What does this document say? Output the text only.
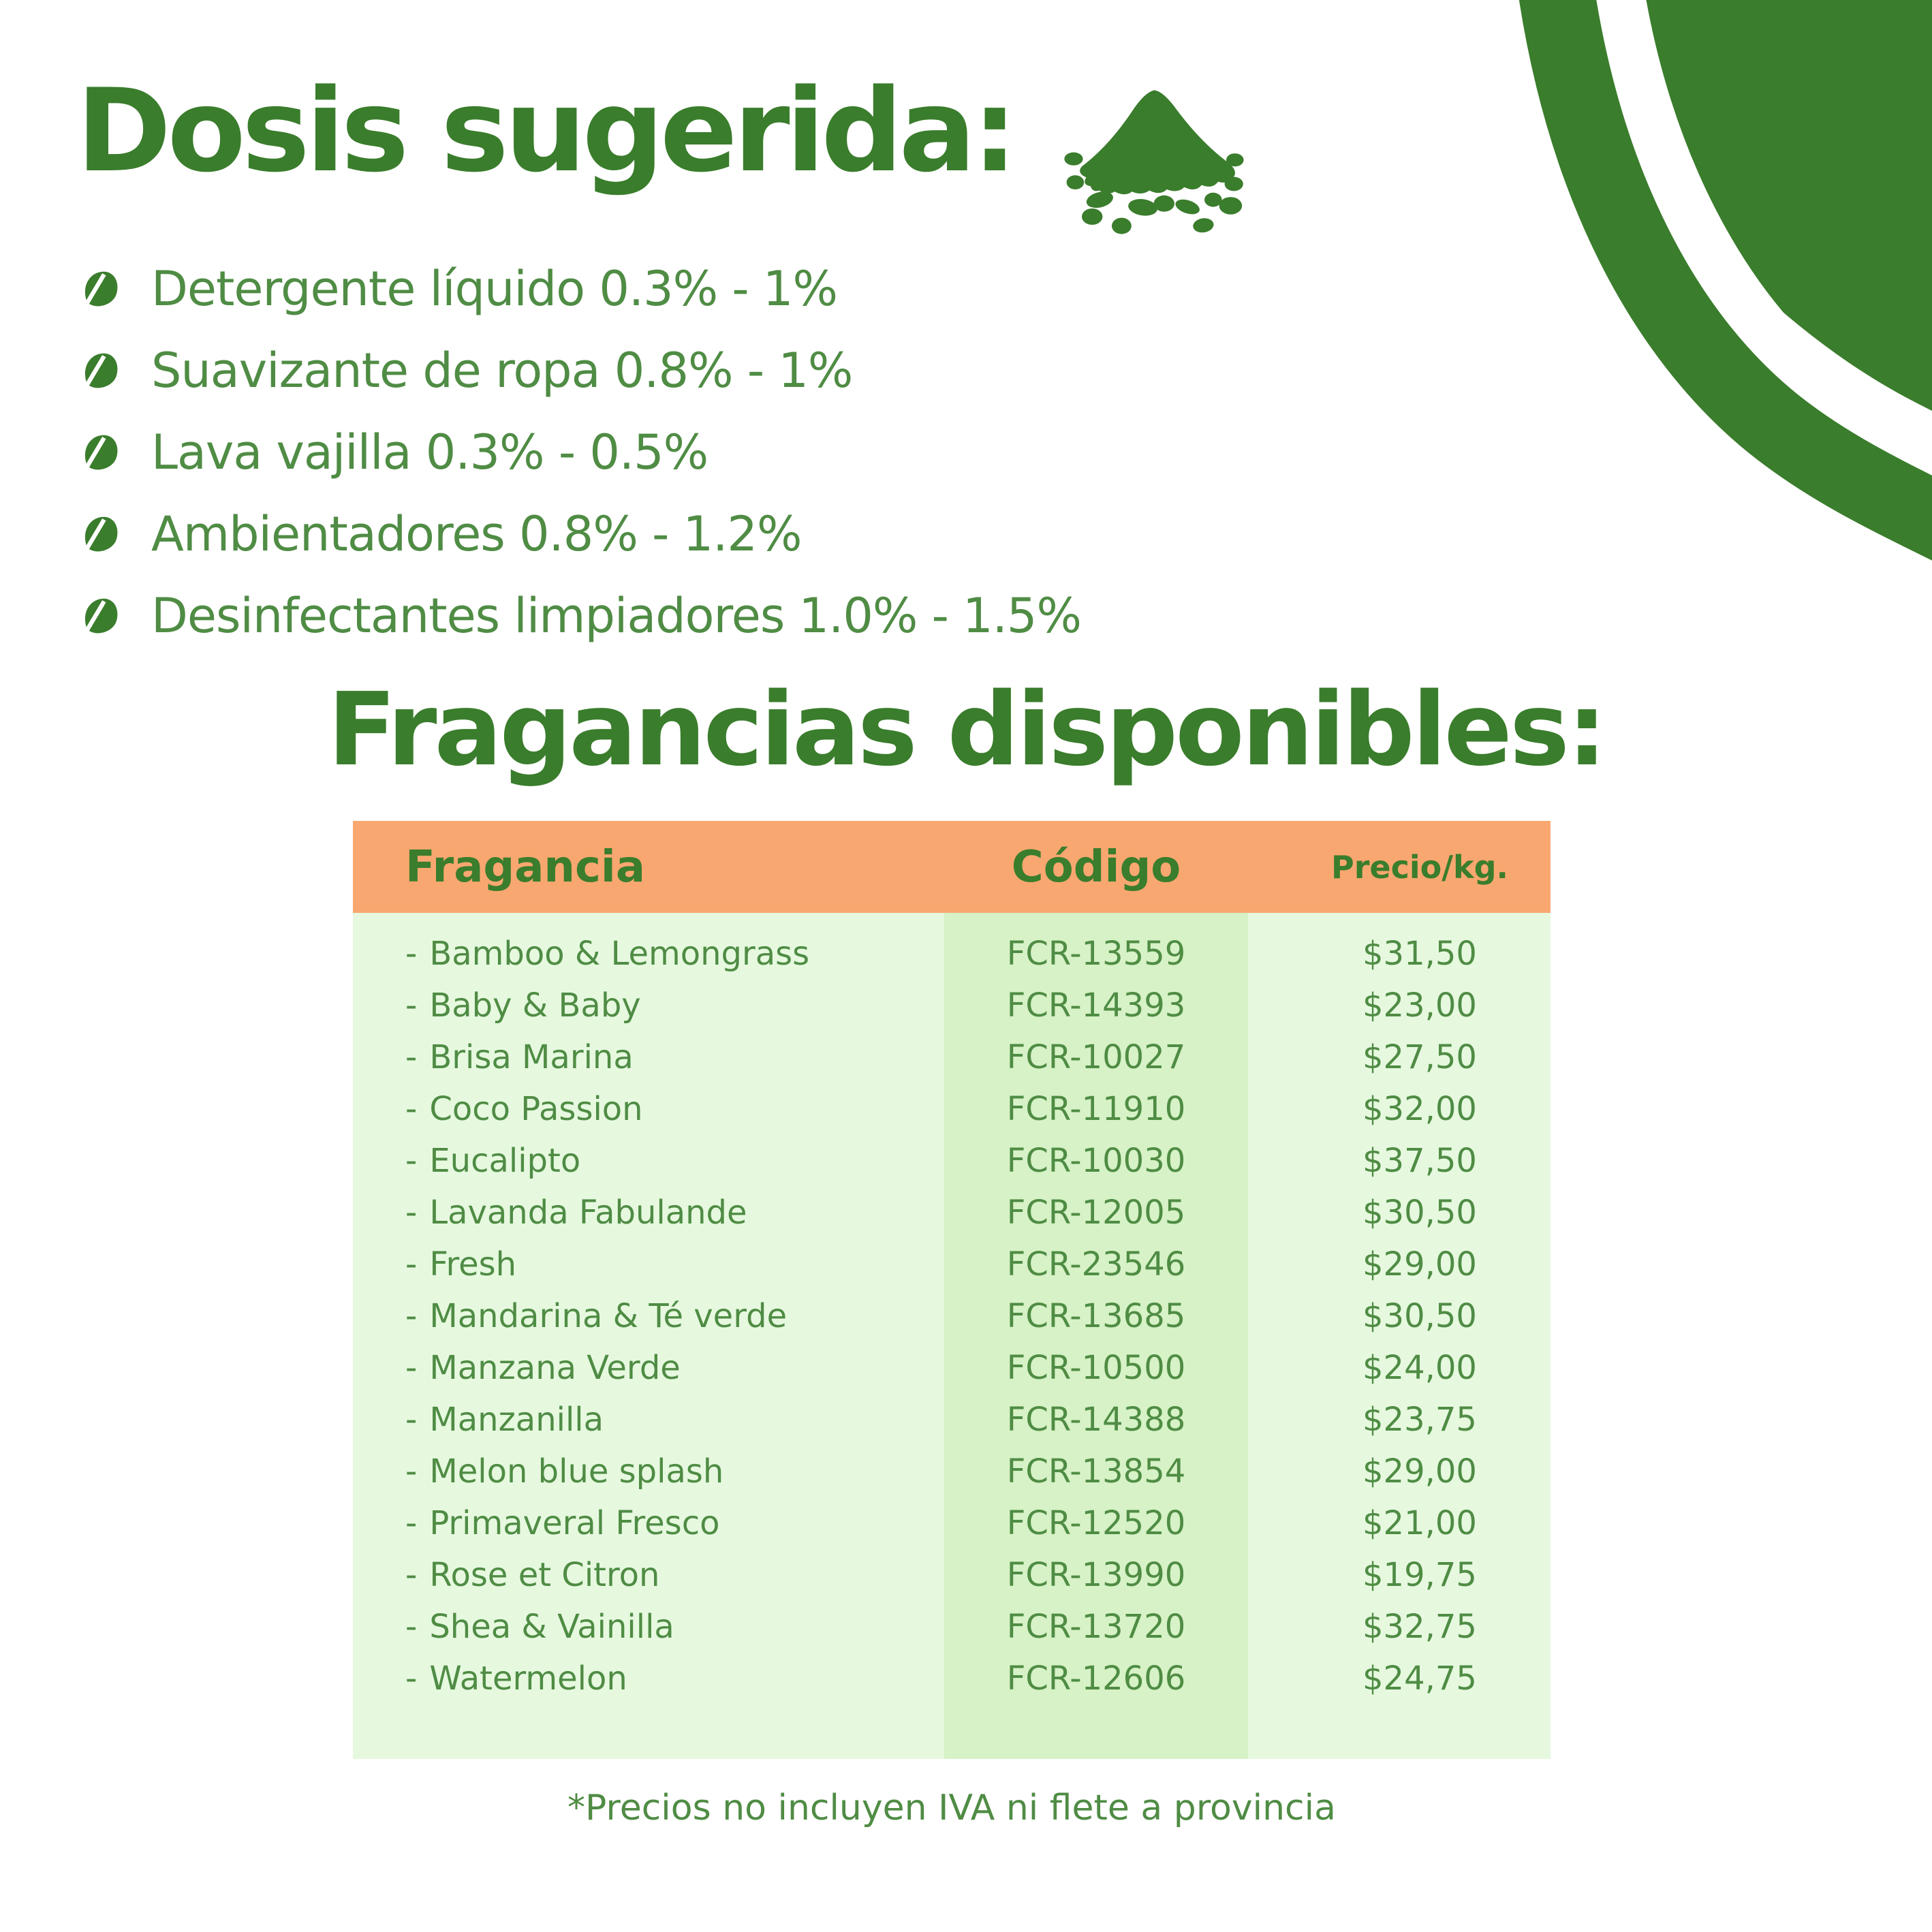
Dosis sugerida:
Detergente líquido 0.3% - 1%
Suavizante de ropa 0.8% - 1%
Lava vajilla 0.3% - 0.5%
Ambientadores 0.8% - 1.2%
Desinfectantes limpiadores 1.0% - 1.5%
Fragancias disponibles:
Fragancia	Código	Precio/kg.
- Bamboo & Lemongrass	FCR-13559	$31,50
- Baby & Baby	FCR-14393	$23,00
- Brisa Marina	FCR-10027	$27,50
- Coco Passion	FCR-11910	$32,00
- Eucalipto	FCR-10030	$37,50
- Lavanda Fabulande	FCR-12005	$30,50
- Fresh	FCR-23546	$29,00
- Mandarina & Té verde	FCR-13685	$30,50
- Manzana Verde	FCR-10500	$24,00
- Manzanilla	FCR-14388	$23,75
- Melon blue splash	FCR-13854	$29,00
- Primaveral Fresco	FCR-12520	$21,00
- Rose et Citron	FCR-13990	$19,75
- Shea & Vainilla	FCR-13720	$32,75
- Watermelon	FCR-12606	$24,75
*Precios no incluyen IVA ni flete a provincia
